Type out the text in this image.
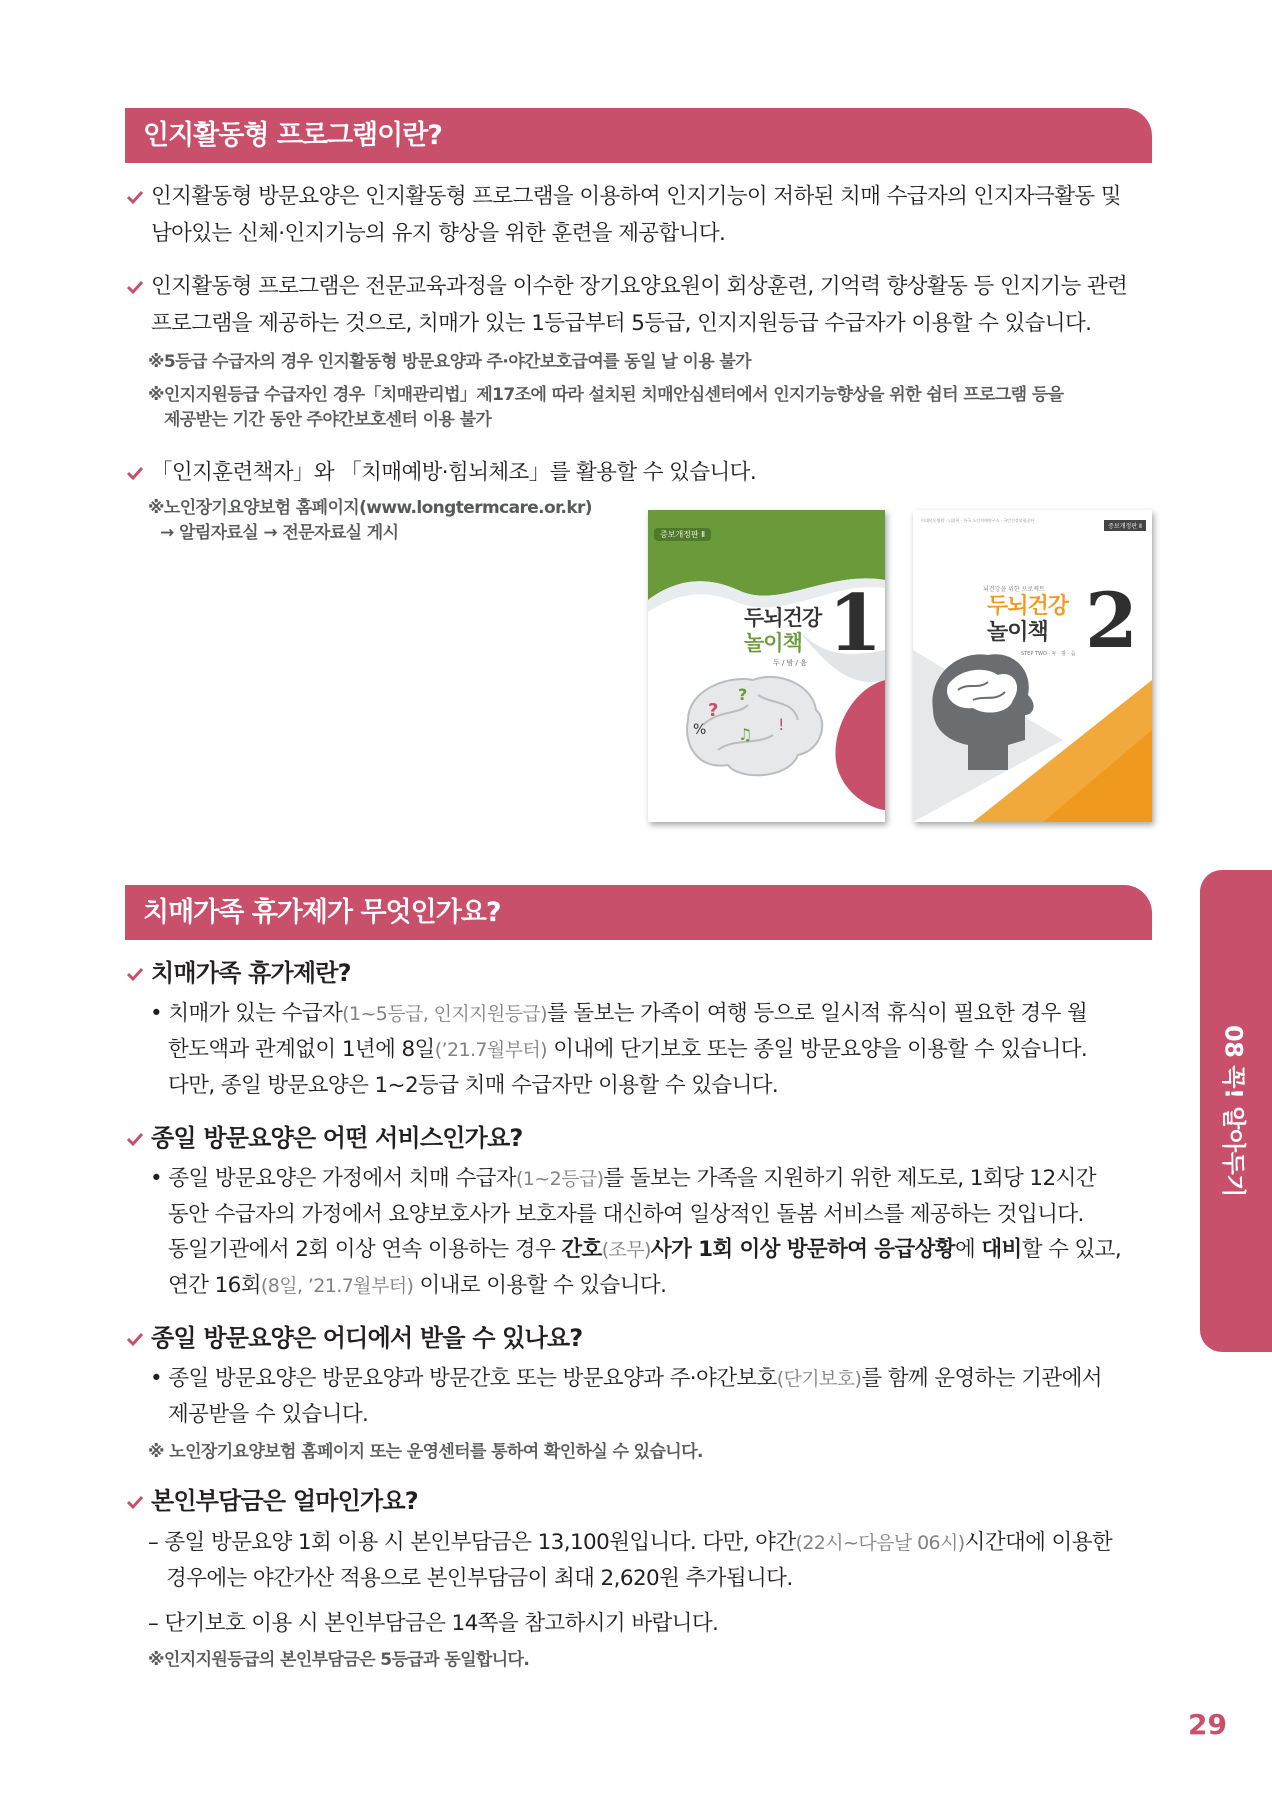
인지활동형 프로그램이란?
인지활동형 방문요양은 인지활동형 프로그램을 이용하여 인지기능이 저하된 치매 수급자의 인지자극활동 및
남아있는 신체·인지기능의 유지 향상을 위한 훈련을 제공합니다.
인지활동형 프로그램은 전문교육과정을 이수한 장기요양요원이 회상훈련, 기억력 향상활동 등 인지기능 관련
프로그램을 제공하는 것으로, 치매가 있는 1등급부터 5등급, 인지지원등급 수급자가 이용할 수 있습니다.
※5등급 수급자의 경우 인지활동형 방문요양과 주·야간보호급여를 동일 날 이용 불가
※인지지원등급 수급자인 경우「치매관리법」제17조에 따라 설치된 치매안심센터에서 인지기능향상을 위한 쉼터 프로그램 등을
제공받는 기간 동안 주야간보호센터 이용 불가
「인지훈련책자」와 「치매예방·힘뇌체조」를 활용할 수 있습니다.
※노인장기요양보험 홈페이지(www.longtermcare.or.kr)
→ 알림자료실 → 전문자료실 게시	증보개정판 Ⅱ
두뇌건강
놀이책 1
두 / 밤 / 음
?
?
% ♫
!
이대목동병원 · 뇌과학 · 한국 노인치매연구소 · 국민건강보험공단
증보개정판 Ⅱ
뇌건강을 위한 프로젝트
두뇌건강
놀이책 2
STEP TWO · 두 · 밤 · 음
치매가족 휴가제가 무엇인가요?
치매가족 휴가제란?
• 치매가 있는 수급자(1~5등급, 인지지원등급)를 돌보는 가족이 여행 등으로 일시적 휴식이 필요한 경우 월
한도액과 관계없이 1년에 8일(’21.7월부터) 이내에 단기보호 또는 종일 방문요양을 이용할 수 있습니다.
다만, 종일 방문요양은 1~2등급 치매 수급자만 이용할 수 있습니다.
종일 방문요양은 어떤 서비스인가요?
• 종일 방문요양은 가정에서 치매 수급자(1~2등급)를 돌보는 가족을 지원하기 위한 제도로, 1회당 12시간
동안 수급자의 가정에서 요양보호사가 보호자를 대신하여 일상적인 돌봄 서비스를 제공하는 것입니다.
동일기관에서 2회 이상 연속 이용하는 경우 간호(조무)사가 1회 이상 방문하여 응급상황에 대비할 수 있고,
연간 16회(8일, ’21.7월부터) 이내로 이용할 수 있습니다.
종일 방문요양은 어디에서 받을 수 있나요?
• 종일 방문요양은 방문요양과 방문간호 또는 방문요양과 주·야간보호(단기보호)를 함께 운영하는 기관에서
제공받을 수 있습니다.
※ 노인장기요양보험 홈페이지 또는 운영센터를 통하여 확인하실 수 있습니다.
본인부담금은 얼마인가요?
– 종일 방문요양 1회 이용 시 본인부담금은 13,100원입니다. 다만, 야간(22시~다음날 06시)시간대에 이용한
경우에는 야간가산 적용으로 본인부담금이 최대 2,620원 추가됩니다.
– 단기보호 이용 시 본인부담금은 14쪽을 참고하시기 바랍니다.
※인지지원등급의 본인부담금은 5등급과 동일합니다.
08 꼭! 알아두기
29
